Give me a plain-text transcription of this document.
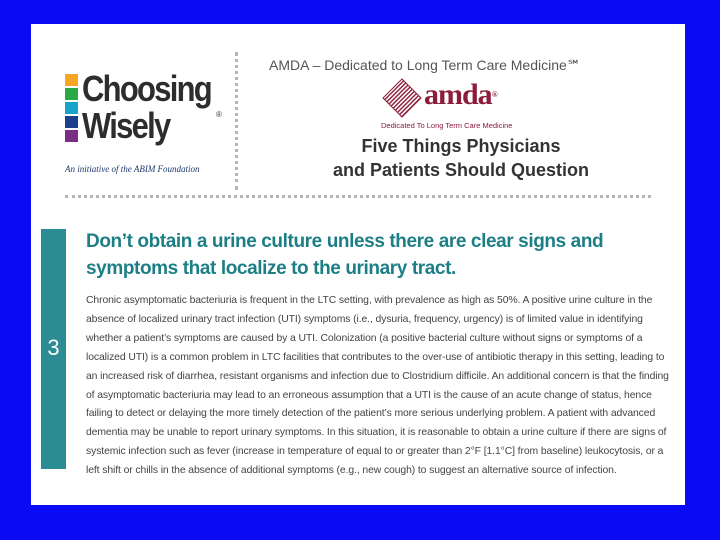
Choosing
Wisely	®
An initiative of the ABIM Foundation
AMDA – Dedicated to Long Term Care Medicine℠
amda®
Dedicated To Long Term Care Medicine
Five Things Physicians
and Patients Should Question
3
Don’t obtain a urine culture unless there are clear signs and symptoms that localize to the urinary tract.
Chronic asymptomatic bacteriuria is frequent in the LTC setting, with prevalence as high as 50%. A positive urine culture in the absence of localized urinary tract infection (UTI) symptoms (i.e., dysuria, frequency, urgency) is of limited value in identifying whether a patient’s symptoms are caused by a UTI. Colonization (a positive bacterial culture without signs or symptoms of a localized UTI) is a common problem in LTC facilities that contributes to the over-use of antibiotic therapy in this setting, leading to an increased risk of diarrhea, resistant organisms and infection due to Clostridium difficile. An additional concern is that the finding of asymptomatic bacteriuria may lead to an erroneous assumption that a UTI is the cause of an acute change of status, hence failing to detect or delaying the more timely detection of the patient’s more serious underlying problem. A patient with advanced dementia may be unable to report urinary symptoms. In this situation, it is reasonable to obtain a urine culture if there are signs of systemic infection such as fever (increase in temperature of equal to or greater than 2°F [1.1°C] from baseline) leukocytosis, or a left shift or chills in the absence of additional symptoms (e.g., new cough) to suggest an alternative source of infection.
